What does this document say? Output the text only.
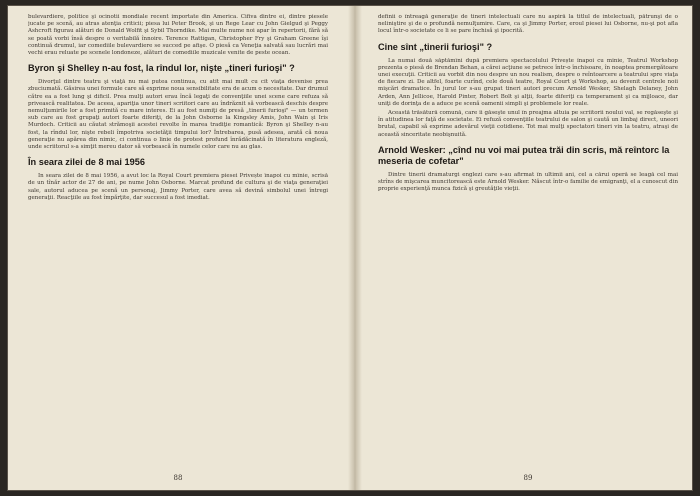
bulevardiere, politice şi ocinotii mondiale recent importate din America. Cifiva dintre ei, dintre piesele jucate pe scenă, au atras atenţia criticii; piesa lui Peter Brook, şi un Rege Lear cu John Gielgud şi Peggy Ashcroft figurau alături de Donald Wolfit şi Sybil Thorndike. Mai multe nume noi apar în repertorii, fără să se poată vorbi însă despre o veritabilă înnoire. Terence Rattigan, Christopher Fry şi Graham Greene îşi continuă drumul, iar comediile bulevardiere se succed pe afişe. O piesă ca Veneţia salvată sau lucrări mai vechi erau reluate pe scenele londoneze, alături de comediile muzicale venite de peste ocean.

Byron şi Shelley n-au fost, la rîndul lor, nişte „tineri furioşi" ?

Divorţul dintre teatru şi viaţă nu mai putea continua, cu atît mai mult cu cît viaţa devenise prea zbuciumată. Găsirea unei formule care să exprime noua sensibilitate era de acum o necesitate. Dar drumul către ea a fost lung şi dificil. Prea mulţi autori erau încă legaţi de convenţiile unei scene care refuza să privească realitatea. De aceea, apariţia unor tineri scriitori care au îndrăznit să vorbească deschis despre nemulţumirile lor a fost primită cu mare interes. Ei au fost numiţi de presă „tinerii furioşi" — un termen sub care au fost grupaţi autori foarte diferiţi, de la John Osborne la Kingsley Amis, John Wain şi Iris Murdoch. Criticii au căutat strămoşii acestei revolte în marea tradiţie romantică: Byron şi Shelley n-au fost, la rîndul lor, nişte rebeli împotriva societăţii timpului lor? Întrebarea, pusă adesea, arată că noua generaţie nu apărea din nimic, ci continua o linie de protest profund înrădăcinată în literatura engleză, unde scriitorul s-a simţit mereu dator să vorbească în numele celor care nu au glas.

În seara zilei de 8 mai 1956

În seara zilei de 8 mai 1956, a avut loc la Royal Court premiera piesei Privește înapoi cu mînie, scrisă de un tînăr actor de 27 de ani, pe nume John Osborne. Marcat profund de cultura şi de viaţa generaţiei sale, autorul aducea pe scenă un personaj, Jimmy Porter, care avea să devină simbolul unei întregi generaţii. Reacţiile au fost împărţite, dar succesul a fost imediat.

88

definii o întreagă generaţie de tineri intelectuali care nu aspiră la titlul de intelectuali, pătrunşi de o neliniştire şi de o profundă nemulţumire. Care, ca şi Jimmy Porter, eroul piesei lui Osborne, nu-şi pot afla locul într-o societate ce li se pare închisă şi ipocrită.

Cine sînt „tinerii furioşi" ?

La numai două săptămîni după premiera spectacolului Privește înapoi cu mînie, Teatrul Workshop prezenta o piesă de Brendan Behan, a cărei acţiune se petrece într-o închisoare, în noaptea premergătoare unei execuţii. Criticii au vorbit din nou despre un nou realism, despre o reîntoarcere a teatrului spre viaţa de fiecare zi. De altfel, foarte curînd, cele două teatre, Royal Court şi Workshop, au devenit centrele noii mişcări dramatice. În jurul lor s-au grupat tineri autori precum Arnold Wesker, Shelagh Delaney, John Arden, Ann Jellicoe, Harold Pinter, Robert Bolt şi alţii, foarte diferiţi ca temperament şi ca mijloace, dar uniţi de dorinţa de a aduce pe scenă oamenii simpli şi problemele lor reale.

Această trăsătură comună, care îi găseşte unul în preajma altuia pe scriitorii noului val, se regăseşte şi în atitudinea lor faţă de societate. Ei refuză convenţiile teatrului de salon şi caută un limbaj direct, uneori brutal, capabil să exprime adevărul vieţii cotidiene. Tot mai mulţi spectatori tineri vin la teatru, atraşi de această sinceritate neobişnuită.

Arnold Wesker: „cînd nu voi mai putea trăi din scris, mă reîntorc la meseria de cofetar"

Dintre tinerii dramaturgi englezi care s-au afirmat în ultimii ani, cel a cărui operă se leagă cel mai strîns de mişcarea muncitorească este Arnold Wesker. Născut într-o familie de emigranţi, el a cunoscut din proprie experienţă munca fizică şi greutăţile vieţii.

89
